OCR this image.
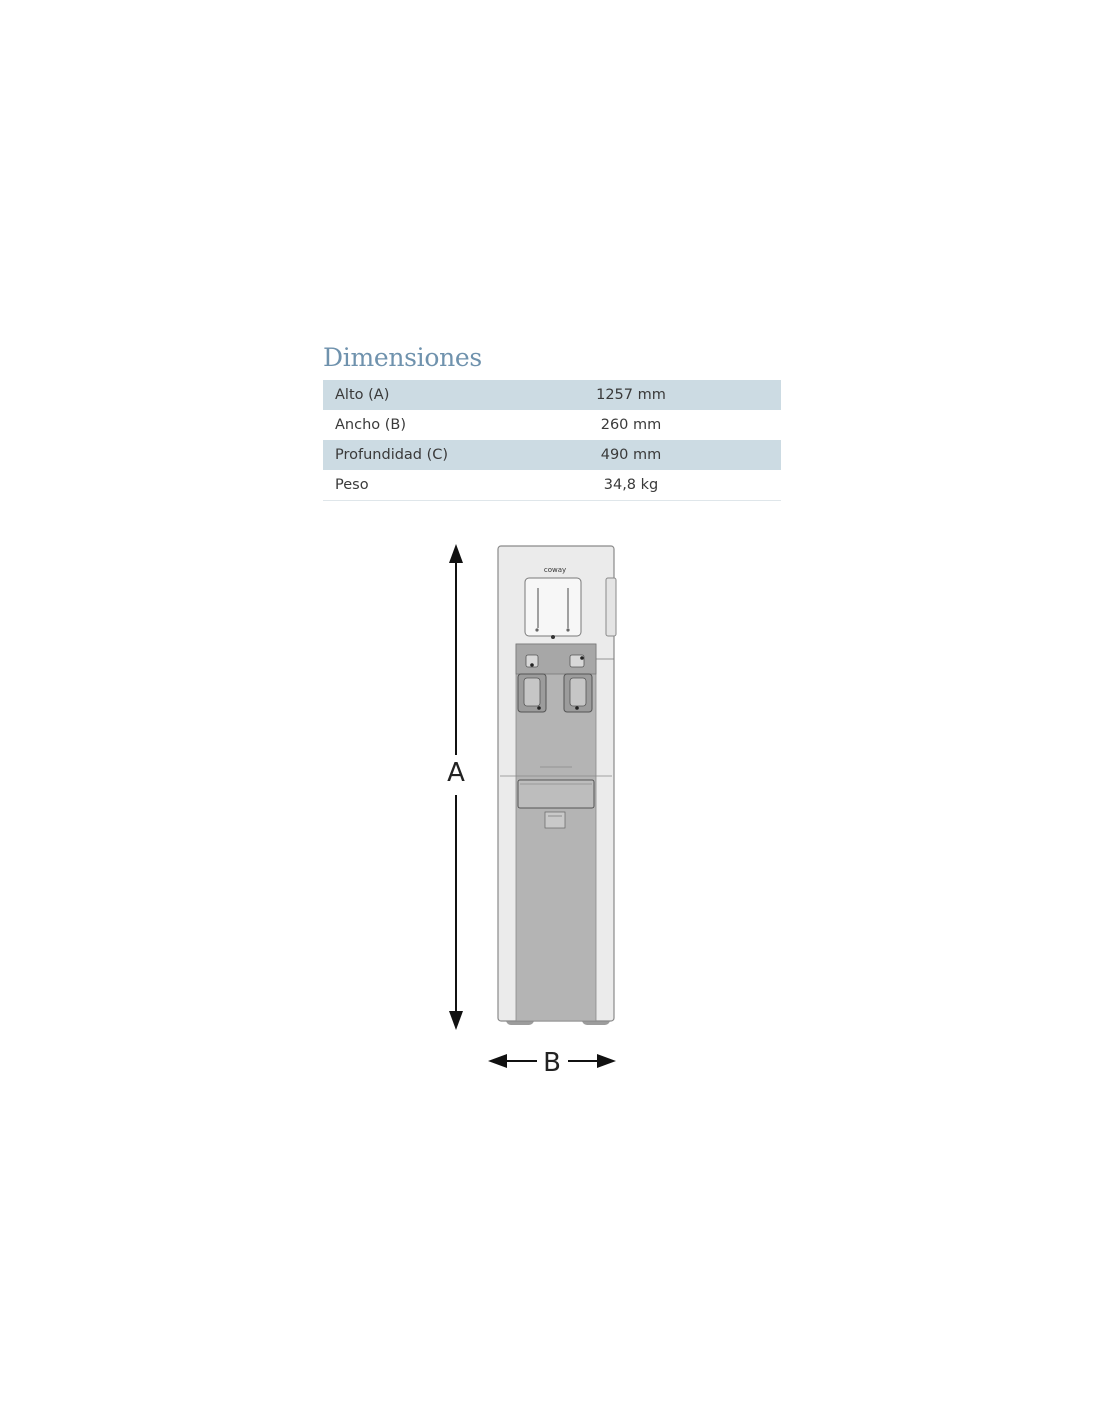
Dimensiones
Alto (A)	1257 mm
Ancho (B)	260 mm
Profundidad (C)	490 mm
Peso	34,8 kg
A
B
coway
